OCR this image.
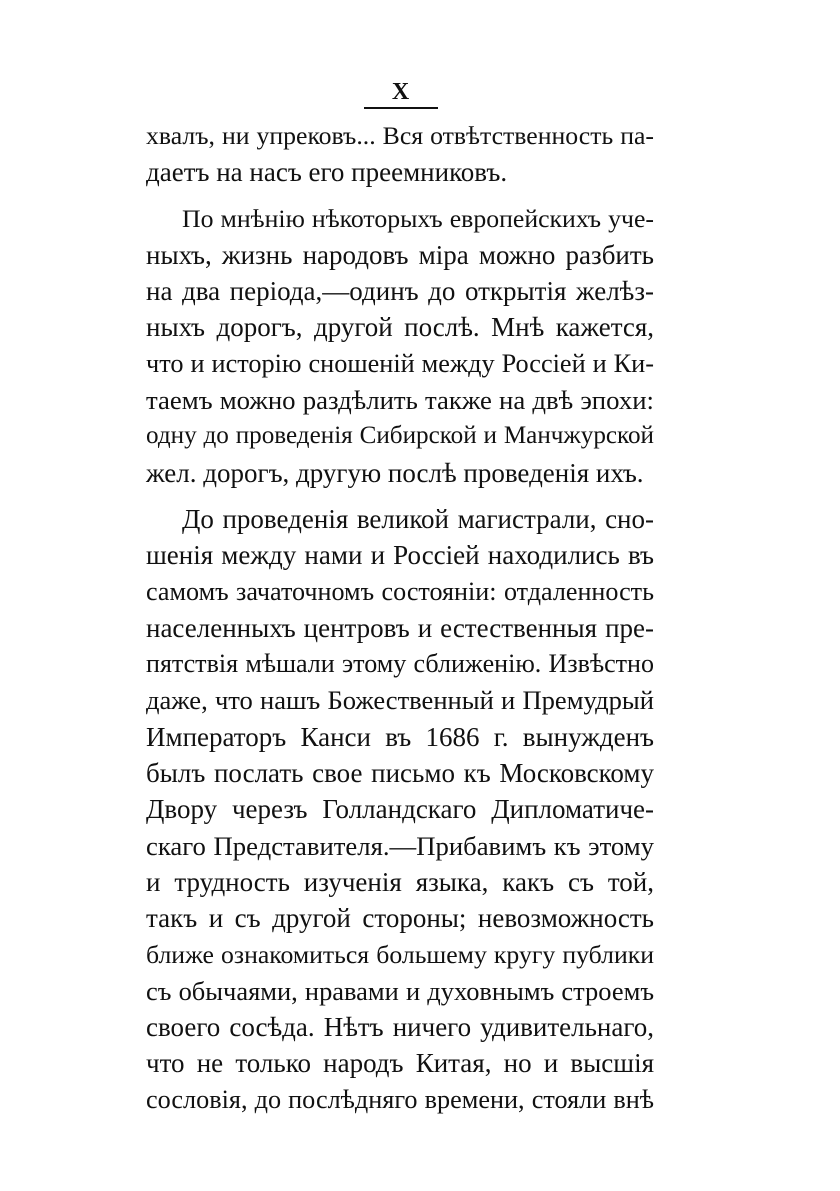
X
хвалъ, ни упрековъ... Вся отвѣтственность па-
даетъ на насъ его преемниковъ.
По мнѣнію нѣкоторыхъ европейскихъ уче-
ныхъ, жизнь народовъ міра можно разбить
на два періода,—одинъ до открытія желѣз-
ныхъ дорогъ, другой послѣ. Мнѣ кажется,
что и исторію сношеній между Россіей и Ки-
таемъ можно раздѣлить также на двѣ эпохи:
одну до проведенія Сибирской и Манчжурской
жел. дорогъ, другую послѣ проведенія ихъ.
До проведенія великой магистрали, сно-
шенія между нами и Россіей находились въ
самомъ зачаточномъ состояніи: отдаленность
населенныхъ центровъ и естественныя пре-
пятствія мѣшали этому сближенію. Извѣстно
даже, что нашъ Божественный и Премудрый
Императоръ Канси въ 1686 г. вынужденъ
былъ послать свое письмо къ Московскому
Двору черезъ Голландскаго Дипломатиче-
скаго Представителя.—Прибавимъ къ этому
и трудность изученія языка, какъ съ той,
такъ и съ другой стороны; невозможность
ближе ознакомиться большему кругу публики
съ обычаями, нравами и духовнымъ строемъ
своего сосѣда. Нѣтъ ничего удивительнаго,
что не только народъ Китая, но и высшія
сословія, до послѣдняго времени, стояли внѣ
